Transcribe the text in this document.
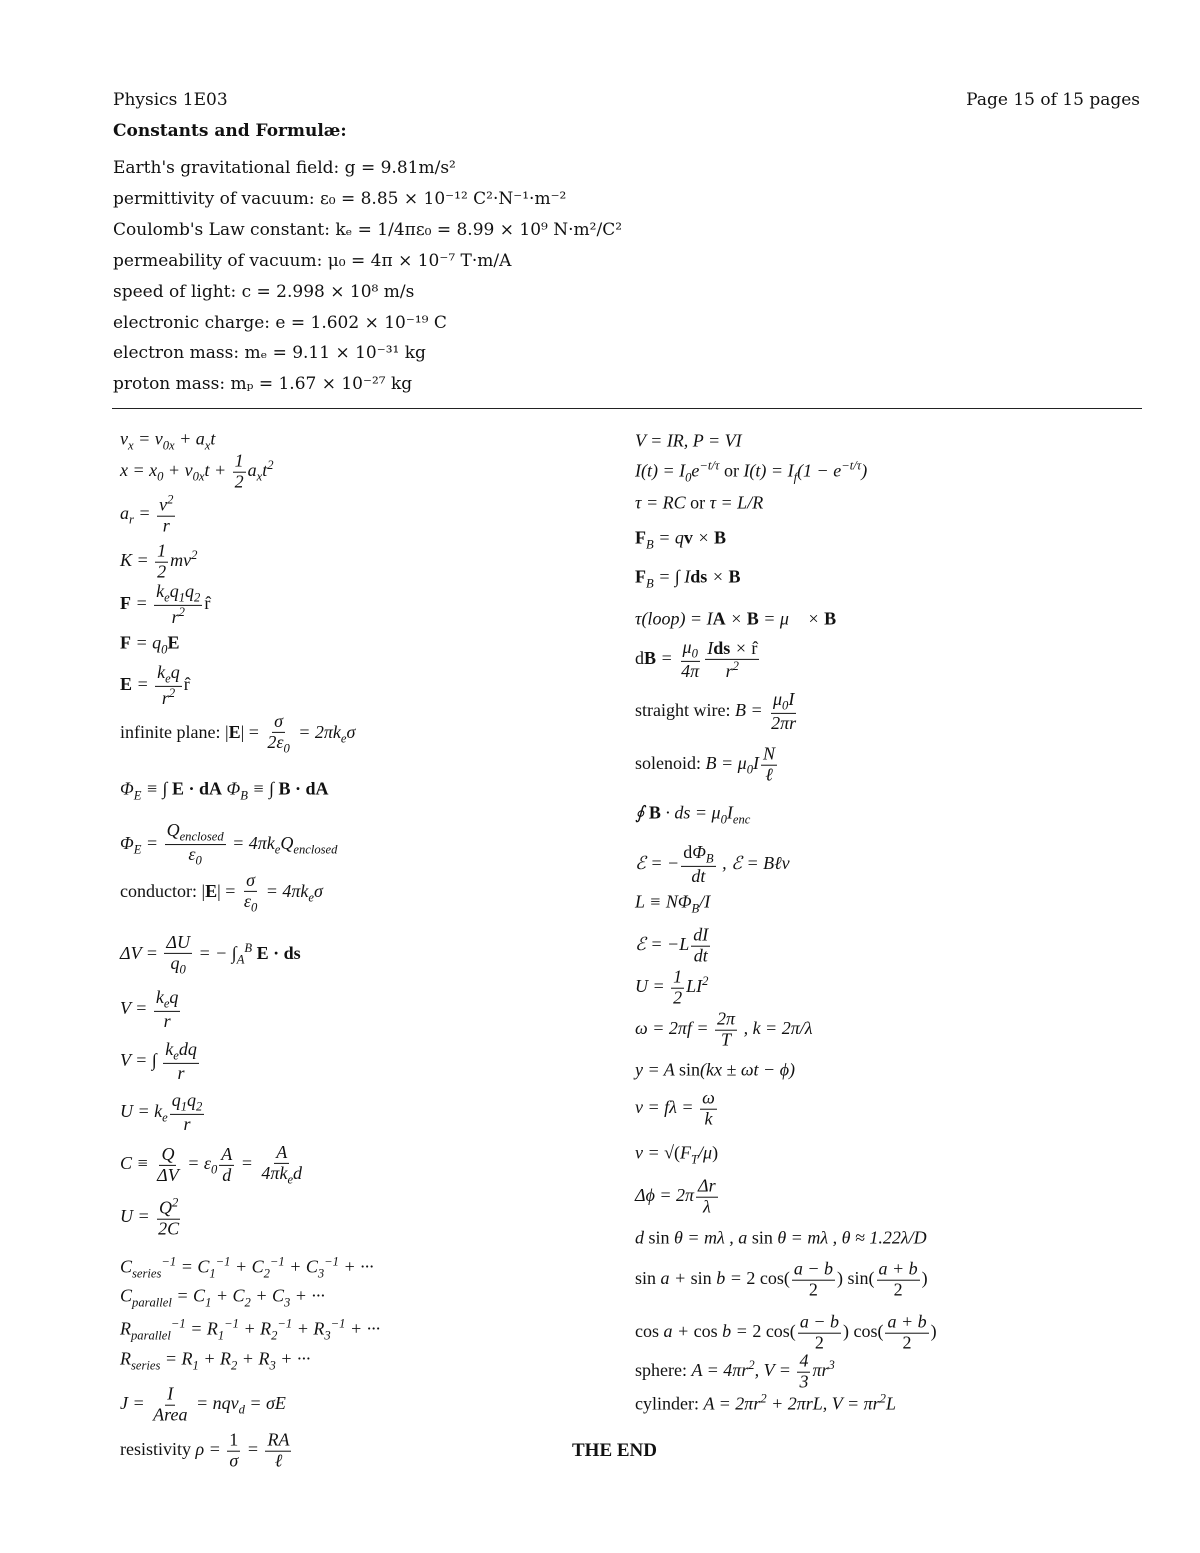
Physics 1E03	Page 15 of 15 pages
Constants and Formulæ:
Earth's gravitational field: g = 9.81m/s²
permittivity of vacuum: ε₀ = 8.85 × 10⁻¹² C²·N⁻¹·m⁻²
Coulomb's Law constant: kₑ = 1/4πε₀ = 8.99 × 10⁹ N·m²/C²
permeability of vacuum: μ₀ = 4π × 10⁻⁷ T·m/A
speed of light: c = 2.998 × 10⁸ m/s
electronic charge: e = 1.602 × 10⁻¹⁹ C
electron mass: mₑ = 9.11 × 10⁻³¹ kg
proton mass: mₚ = 1.67 × 10⁻²⁷ kg
$v_x = v_{0x} + a_xt$
$x = x_0 + v_{0x}t + \frac{1}{2} a_xt^2$
$a_r = \frac{v^2}{r}$
$K = \frac{1}{2} mv^2$
$F = \frac{k_eq_1q_2}{r^2}$ r̂
$F = q_0E$
$E = \frac{k_eq}{r^2}$ r̂
infinite plane: $|E| = \frac{\sigma}{2\varepsilon_0} = 2\pi k_e\sigma$
$\Phi_E$ ≡ ∫ E · dA $\Phi_B$ ≡ ∫ B · dA
$\Phi_E = \frac{Q_{enclosed}}{\varepsilon_0} = 4\pi k_eQ_{enclosed}$
conductor: $|E| = \frac{\sigma}{\varepsilon_0} = 4\pi k_e\sigma$
$\Delta V = \frac{\Delta U}{q_0}$ = − $\int_A^B$ E · ds
$V = \frac{k_eq}{r}$
V = ∫ $\frac{k_edq}{r}$
$U = k_e \frac{q_1q_2}{r}$
$C \equiv \frac{Q}{\Delta V} = \varepsilon_0 \frac{A}{d} = \frac{A}{4\pi k_ed}$
$U = \frac{Q^2}{2C}$
$C_{series}^{-1} = C_1^{-1} + C_2^{-1} + C_3^{-1}$ + ···
$C_{parallel} = C_1 + C_2 + C_3$ + ···
$R_{parallel}^{-1} = R_1^{-1} + R_2^{-1} + R_3^{-1}$ + ···
$R_{series} = R_1 + R_2 + R_3$ + ···
$J = \frac{I}{\text{Area}} = nqv_d = \sigma E$
resistivity $\rho = \frac{1}{\sigma} = \frac{RA}{\text{ℓ}}$
V = IR, P = VI
$I(t) = I_0e^{-t/\tau}$ or $I(t) = I_f(1 - e^{-t/\tau})$
τ = RC or τ = L/R
$F_B$ = qv × B
$F_B$ = ∫ Ids × B
τ(loop) = IA × B = μ⃗ × B
dB = $\frac{\mu_0}{4\pi} \frac{\text{Ids × r̂}}{r^2}$
straight wire: $B = \frac{\mu_0I}{2\pi r}$
solenoid: $B = \mu_0I \frac{N}{\text{ℓ}}$
∮ B · ds = $\mu_0I_{enc}$
ℰ = − $\frac{d\Phi_B}{dt}$ , ℰ = Bℓv
$L \equiv N\Phi_B/I$
ℰ = $-L \frac{dI}{dt}$
$U = \frac{1}{2} LI^2$
$\omega = 2\pi f = \frac{2\pi}{T}$ , k = 2π/λ
y = A sin(kx ± ωt − ϕ)
$v = f\lambda = \frac{\omega}{k}$
$v = √(F_T/\mu)$
$\Delta\phi = 2\pi \frac{\Delta r}{\lambda}$
d sin θ = mλ , a sin θ = mλ , θ ≈ 1.22λ/D
sin a + sin b = 2 $\cos( \frac{a - b}{2}$ ) $\sin( \frac{a + b}{2}$ )
cos a + cos b = 2 $\cos( \frac{a - b}{2}$ ) $\cos( \frac{a + b}{2}$ )
sphere: $A = 4\pi r^2$, $V = \frac{4}{3} \pi r^3$
cylinder: $A = 2\pi r^2 + 2\pi rL$, $V = \pi r^2L$
THE END
